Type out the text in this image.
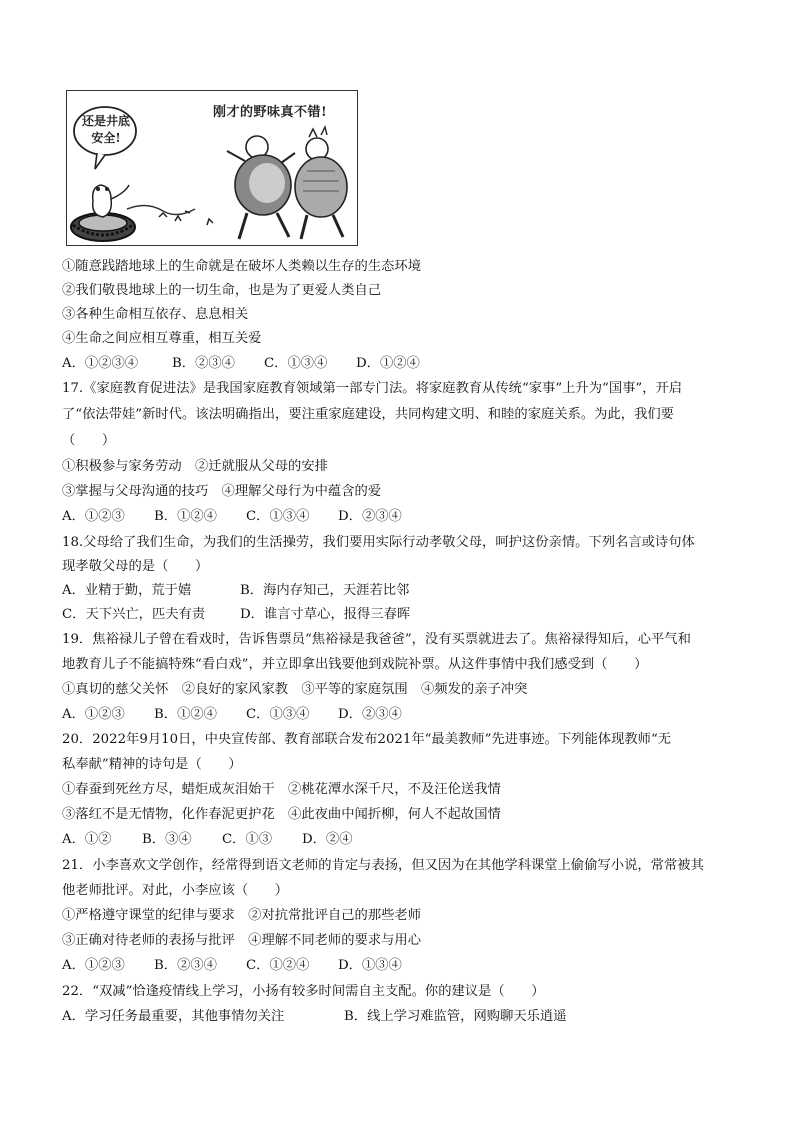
刚才的野味真不错!
还是井底
安全!
①随意践踏地球上的生命就是在破坏人类赖以生存的生态环境
②我们敬畏地球上的一切生命，也是为了更爱人类自己
③各种生命相互依存、息息相关
④生命之间应相互尊重，相互关爱
A．①②③④	B．②③④ C．①③④ D．①②④
17.《家庭教育促进法》是我国家庭教育领域第一部专门法。将家庭教育从传统“家事”上升为“国事”，开启
了“依法带娃”新时代。该法明确指出，要注重家庭建设，共同构建文明、和睦的家庭关系。为此，我们要
（　　）
①积极参与家务劳动　②迁就服从父母的安排
③掌握与父母沟通的技巧　④理解父母行为中蕴含的爱
A．①②③ B．①②④ C．①③④ D．②③④
18.父母给了我们生命，为我们的生活操劳，我们要用实际行动孝敬父母，呵护这份亲情。下列名言或诗句体
现孝敬父母的是（　　）
A．业精于勤，荒于嬉	B．海内存知己，天涯若比邻
C．天下兴亡，匹夫有责	D．谁言寸草心，报得三春晖
19．焦裕禄儿子曾在看戏时，告诉售票员“焦裕禄是我爸爸”，没有买票就进去了。焦裕禄得知后，心平气和
地教育儿子不能搞特殊“看白戏”，并立即拿出钱要他到戏院补票。从这件事情中我们感受到（　　）
①真切的慈父关怀　②良好的家风家教　③平等的家庭氛围　④频发的亲子冲突
A．①②③ B．①②④ C．①③④ D．②③④
20．2022年9月10日，中央宣传部、教育部联合发布2021年“最美教师”先进事迹。下列能体现教师“无
私奉献”精神的诗句是（　　）
①春蚕到死丝方尽，蜡炬成灰泪始干　②桃花潭水深千尺，不及汪伦送我情
③落红不是无情物，化作春泥更护花　④此夜曲中闻折柳，何人不起故国情
A．①② B．③④ C．①③ D．②④
21．小李喜欢文学创作，经常得到语文老师的肯定与表扬，但又因为在其他学科课堂上偷偷写小说，常常被其
他老师批评。对此，小李应该（　　）
①严格遵守课堂的纪律与要求　②对抗常批评自己的那些老师
③正确对待老师的表扬与批评　④理解不同老师的要求与用心
A．①②③ B．②③④ C．①②④ D．①③④
22．“双减”恰逢疫情线上学习，小扬有较多时间需自主支配。你的建议是（　　）
A．学习任务最重要，其他事情勿关注	B．线上学习难监管，网购聊天乐逍遥
